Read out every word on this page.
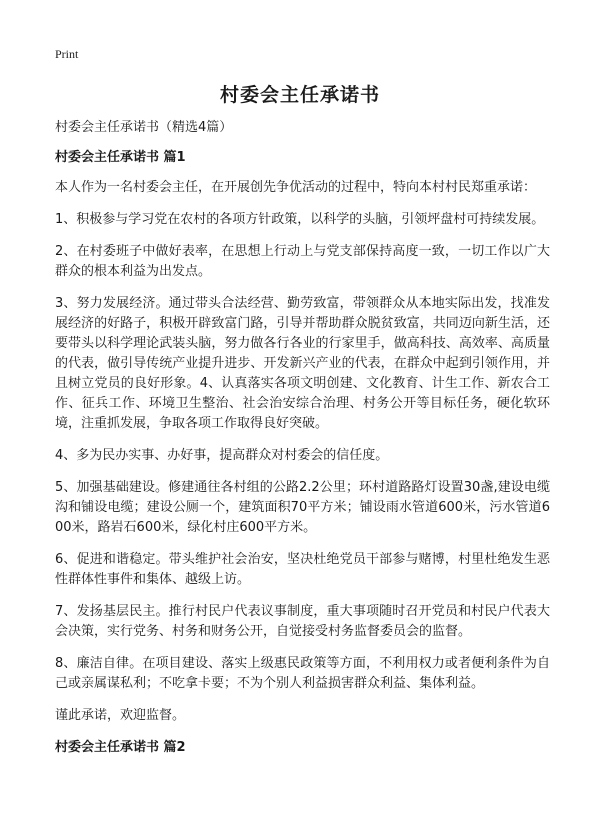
Print
村委会主任承诺书
村委会主任承诺书（精选4篇）
村委会主任承诺书 篇1

本人作为一名村委会主任，在开展创先争优活动的过程中，特向本村村民郑重承诺：

1、积极参与学习党在农村的各项方针政策，以科学的头脑，引领坪盘村可持续发展。

2、在村委班子中做好表率，在思想上行动上与党支部保持高度一致，一切工作以广大群众的根本利益为出发点。

3、努力发展经济。通过带头合法经营、勤劳致富，带领群众从本地实际出发，找准发展经济的好路子，积极开辟致富门路，引导并帮助群众脱贫致富，共同迈向新生活，还要带头以科学理论武装头脑，努力做各行各业的行家里手，做高科技、高效率、高质量的代表，做引导传统产业提升进步、开发新兴产业的代表，在群众中起到引领作用，并且树立党员的良好形象。4、认真落实各项文明创建、文化教育、计生工作、新农合工作、征兵工作、环境卫生整治、社会治安综合治理、村务公开等目标任务，硬化软环境，注重抓发展，争取各项工作取得良好突破。

4、多为民办实事、办好事，提高群众对村委会的信任度。

5、加强基础建设。修建通往各村组的公路2.2公里；环村道路路灯设置30盏,建设电缆沟和铺设电缆；建设公厕一个，建筑面积70平方米；铺设雨水管道600米，污水管道600米，路岩石600米，绿化村庄600平方米。

6、促进和谐稳定。带头维护社会治安，坚决杜绝党员干部参与赌博，村里杜绝发生恶性群体性事件和集体、越级上访。

7、发扬基层民主。推行村民户代表议事制度，重大事项随时召开党员和村民户代表大会决策，实行党务、村务和财务公开，自觉接受村务监督委员会的监督。

8、廉洁自律。在项目建设、落实上级惠民政策等方面，不利用权力或者便利条件为自己或亲属谋私利；不吃拿卡要；不为个别人利益损害群众利益、集体利益。

谨此承诺，欢迎监督。

村委会主任承诺书 篇2
